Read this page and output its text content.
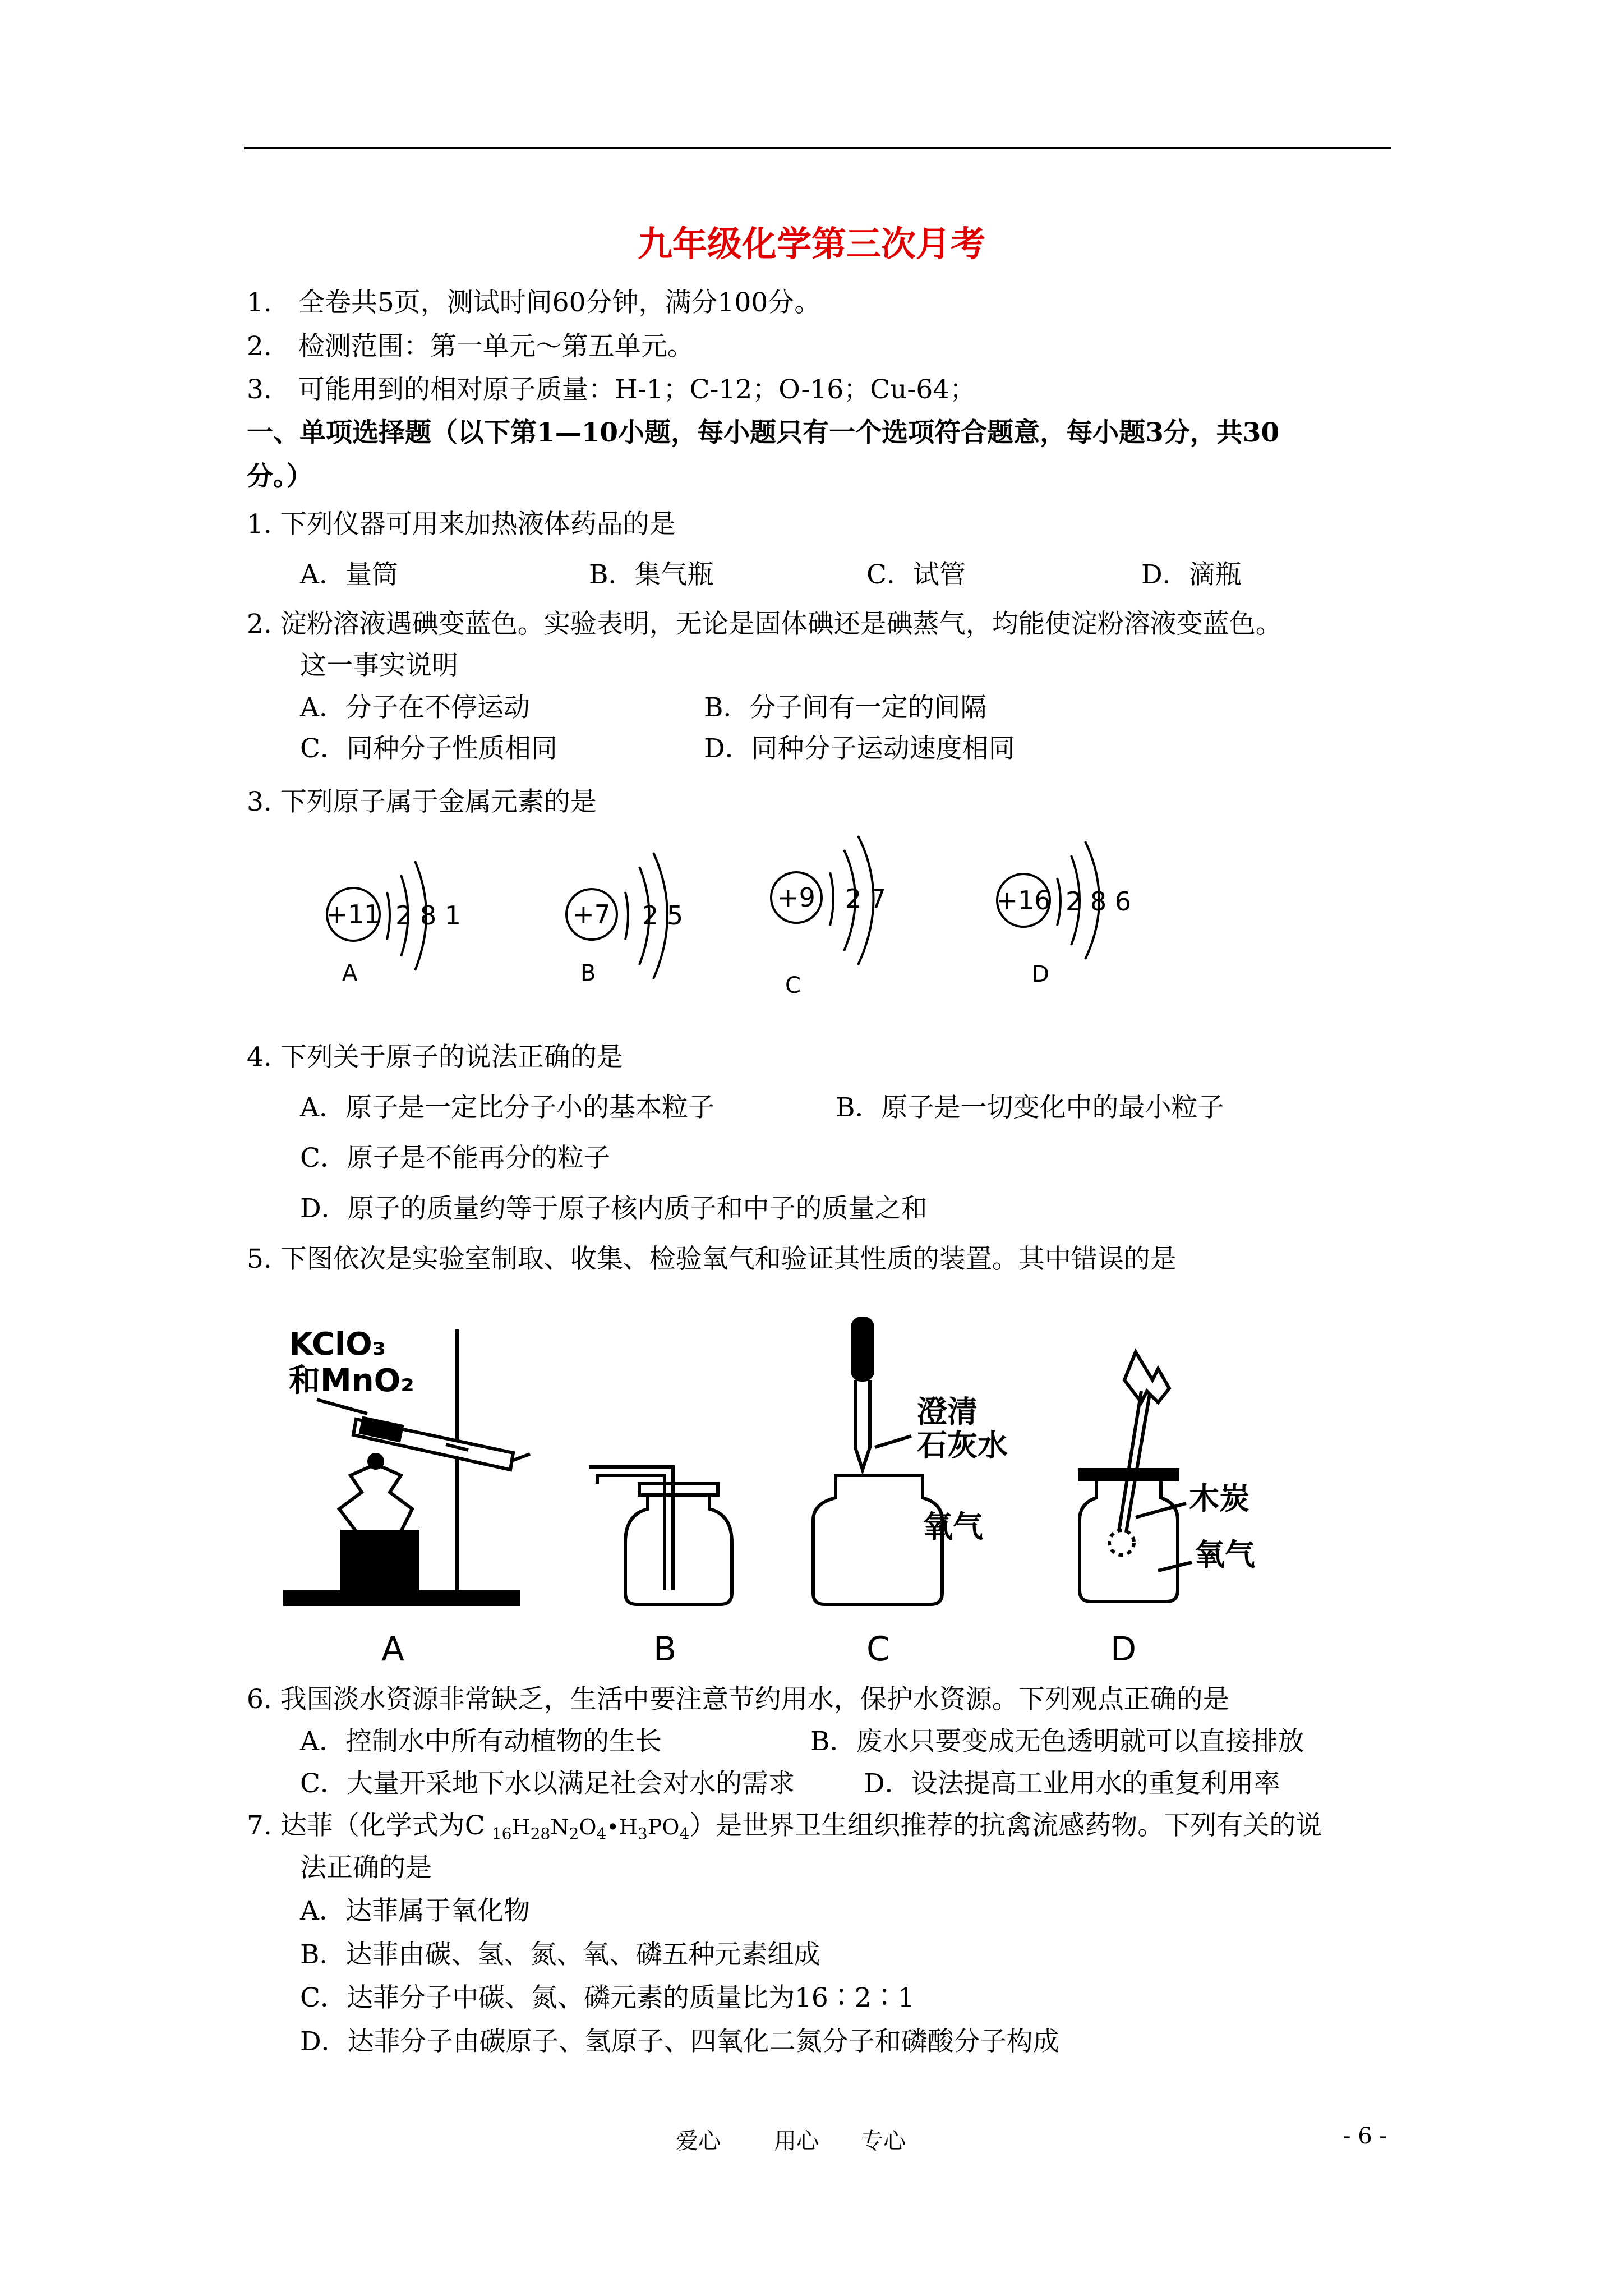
九年级化学第三次月考
1.　全卷共5页，测试时间60分钟，满分100分。
2.　检测范围：第一单元～第五单元。
3.　可能用到的相对原子质量：H-1；C-12；O-16；Cu-64；
一、单项选择题（以下第1—10小题，每小题只有一个选项符合题意，每小题3分，共30
分。）
1. 下列仪器可用来加热液体药品的是
A．量筒	B．集气瓶	C．试管	D．滴瓶
2. 淀粉溶液遇碘变蓝色。实验表明，无论是固体碘还是碘蒸气，均能使淀粉溶液变蓝色。
这一事实说明
A．分子在不停运动	B．分子间有一定的间隔
C．同种分子性质相同	D．同种分子运动速度相同
3. 下列原子属于金属元素的是
+11 2 8 1
A
+7 2 5
B
+9 2 7
C
+16 2 8 6
D
4. 下列关于原子的说法正确的是
A．原子是一定比分子小的基本粒子	B．原子是一切变化中的最小粒子
C．原子是不能再分的粒子
D．原子的质量约等于原子核内质子和中子的质量之和
5. 下图依次是实验室制取、收集、检验氧气和验证其性质的装置。其中错误的是
KClO₃
和MnO₂
A	B
澄清
石灰水
氧气
C
木炭
氧气
D
6. 我国淡水资源非常缺乏，生活中要注意节约用水，保护水资源。下列观点正确的是
A．控制水中所有动植物的生长	B．废水只要变成无色透明就可以直接排放
C．大量开采地下水以满足社会对水的需求	D．设法提高工业用水的重复利用率
7. 达菲（化学式为C $_{16}H_{28}N_2O_4•H_3PO_4$）是世界卫生组织推荐的抗禽流感药物。下列有关的说
法正确的是
A．达菲属于氧化物
B．达菲由碳、氢、氮、氧、磷五种元素组成
C．达菲分子中碳、氮、磷元素的质量比为16∶2∶1
D．达菲分子由碳原子、氢原子、四氧化二氮分子和磷酸分子构成
爱心 用心 专心	- 6 -
